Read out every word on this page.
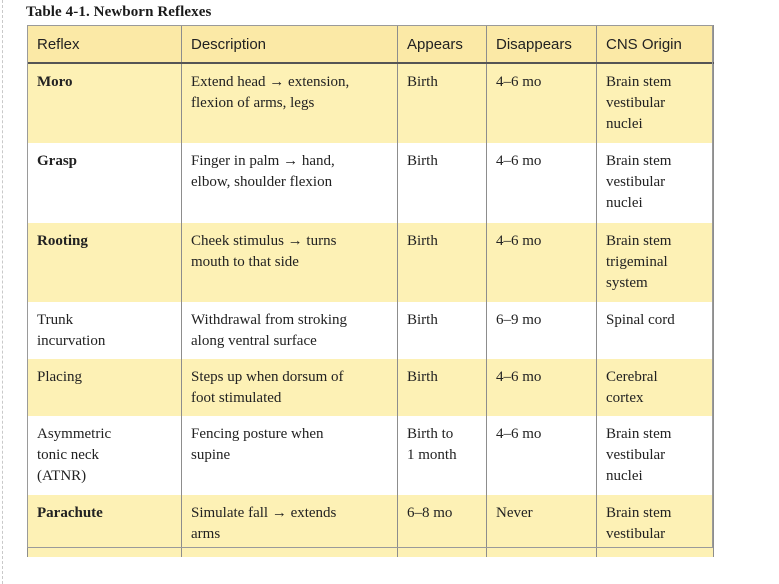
Table 4-1. Newborn Reflexes
Reflex	Description	Appears	Disappears	CNS Origin

Moro	Extend head → extension,
flexion of arms, legs	Birth	4–6 mo	Brain stem
vestibular
nuclei

Grasp	Finger in palm → hand,
elbow, shoulder flexion	Birth	4–6 mo	Brain stem
vestibular
nuclei

Rooting	Cheek stimulus → turns
mouth to that side	Birth	4–6 mo	Brain stem
trigeminal
system

Trunk
incurvation	Withdrawal from stroking
along ventral surface	Birth	6–9 mo	Spinal cord

Placing	Steps up when dorsum of
foot stimulated	Birth	4–6 mo	Cerebral
cortex

Asymmetric
tonic neck
(ATNR)	Fencing posture when
supine	Birth to
1 month	4–6 mo	Brain stem
vestibular
nuclei

Parachute	Simulate fall → extends
arms	6–8 mo	Never	Brain stem
vestibular
